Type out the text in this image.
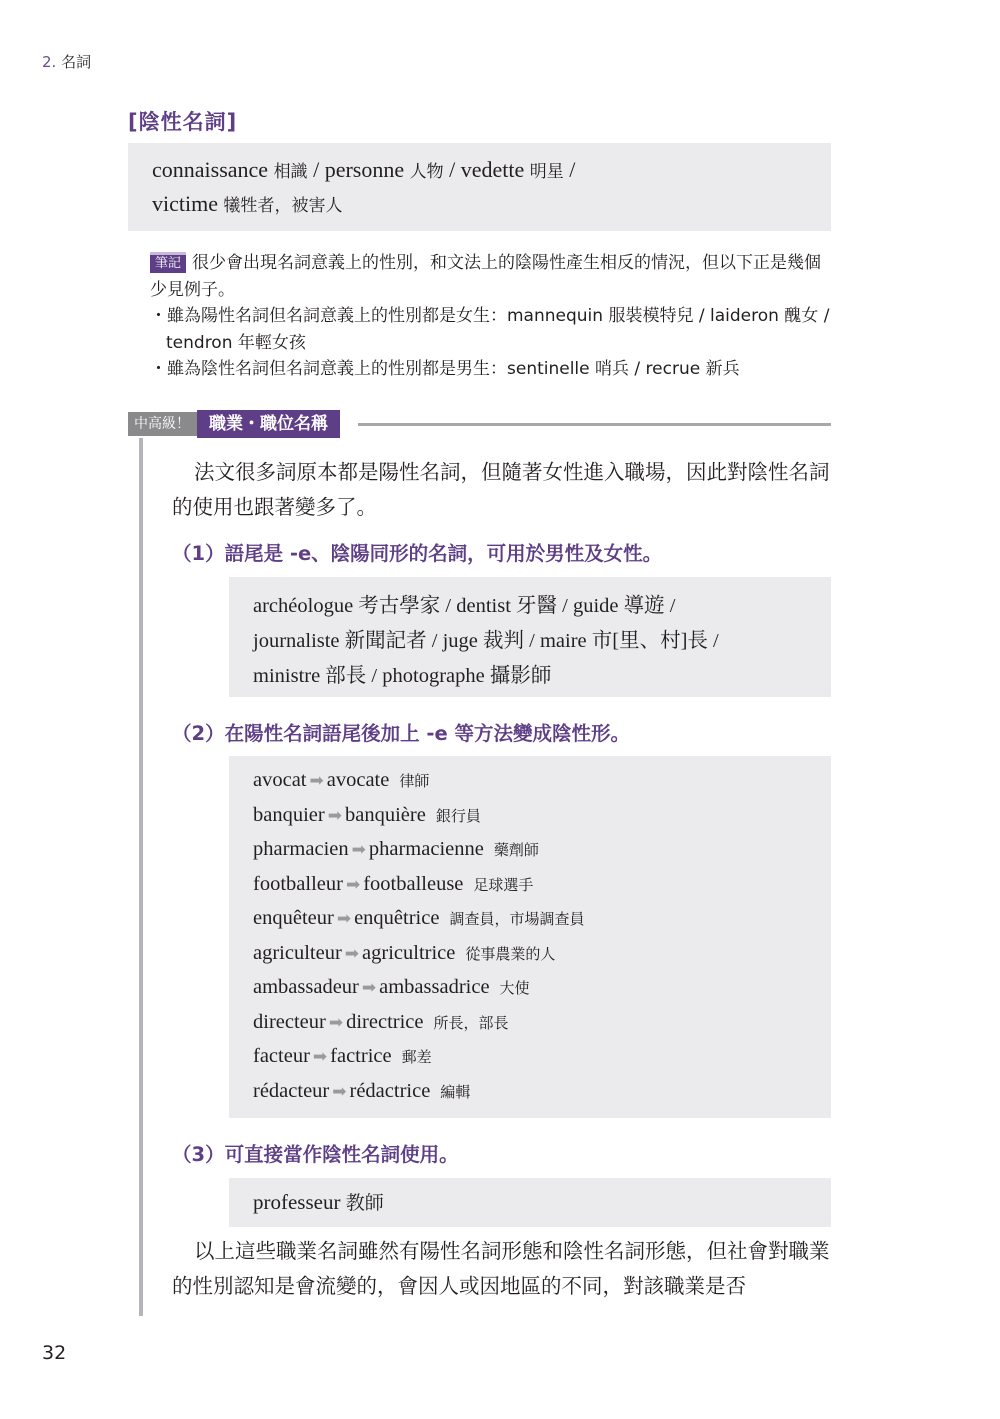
2. 名詞
[陰性名詞]
connaissance 相識 / personne 人物 / vedette 明星 /
victime 犧牲者，被害人
筆記 很少會出現名詞意義上的性別，和文法上的陰陽性產生相反的情況，但以下正是幾個少見例子。
・雖為陽性名詞但名詞意義上的性別都是女生：mannequin 服裝模特兒 / laideron 醜女 / tendron 年輕女孩
・雖為陰性名詞但名詞意義上的性別都是男生：sentinelle 哨兵 / recrue 新兵
中高級！	職業・職位名稱
法文很多詞原本都是陽性名詞，但隨著女性進入職場，因此對陰性名詞的使用也跟著變多了。
（1）語尾是 -e、陰陽同形的名詞，可用於男性及女性。
archéologue 考古學家 / dentist 牙醫 / guide 導遊 /
journaliste 新聞記者 / juge 裁判 / maire 市[里、村]長 /
ministre 部長 / photographe 攝影師
（2）在陽性名詞語尾後加上 -e 等方法變成陰性形。
avocat ➡ avocate 律師
banquier ➡ banquière 銀行員
pharmacien ➡ pharmacienne 藥劑師
footballeur ➡ footballeuse 足球選手
enquêteur ➡ enquêtrice 調查員，市場調查員
agriculteur ➡ agricultrice 從事農業的人
ambassadeur ➡ ambassadrice 大使
directeur ➡ directrice 所長，部長
facteur ➡ factrice 郵差
rédacteur ➡ rédactrice 編輯
（3）可直接當作陰性名詞使用。
professeur 教師
以上這些職業名詞雖然有陽性名詞形態和陰性名詞形態，但社會對職業的性別認知是會流變的，會因人或因地區的不同，對該職業是否
32
